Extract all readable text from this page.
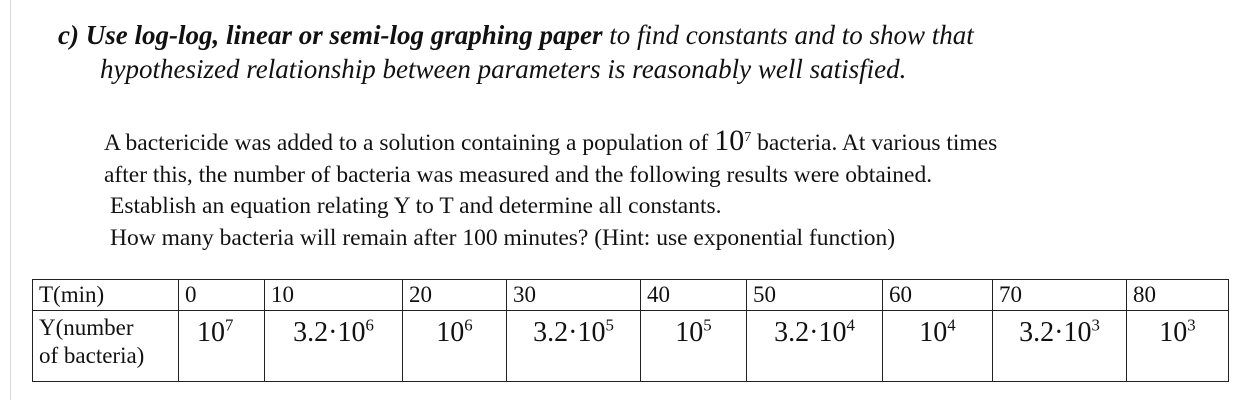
c) Use log-log, linear or semi-log graphing paper to find constants and to show that
hypothesized relationship between parameters is reasonably well satisfied.
A bactericide was added to a solution containing a population of $10^7$ bacteria. At various times
after this, the number of bacteria was measured and the following results were obtained.
Establish an equation relating Y to T and determine all constants.
How many bacteria will remain after 100 minutes? (Hint: use exponential function)
T(min)	0	10	20	30	40	50	60	70	80
Y(number
of bacteria)	$10^7$	$3.2\cdot 10^6$	$10^6$	$3.2\cdot 10^5$	$10^5$	$3.2\cdot 10^4$	$10^4$	$3.2\cdot 10^3$	$10^3$
